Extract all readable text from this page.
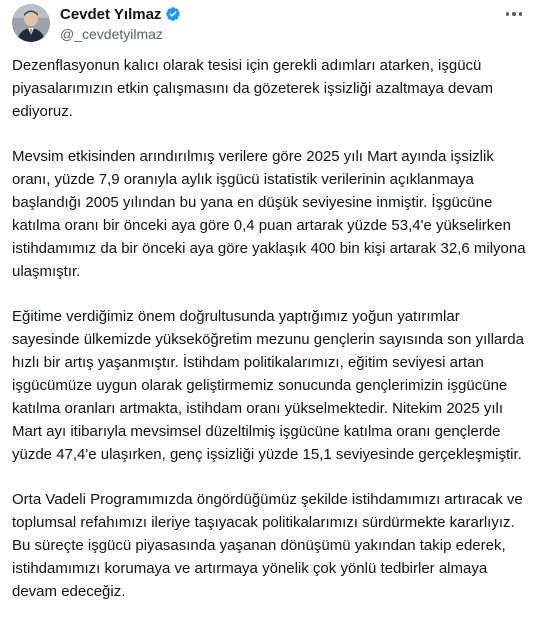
Cevdet Yılmaz
@_cevdetyilmaz

Dezenflasyonun kalıcı olarak tesisi için gerekli adımları atarken, işgücü piyasalarımızın etkin çalışmasını da gözeterek işsizliği azaltmaya devam ediyoruz.

Mevsim etkisinden arındırılmış verilere göre 2025 yılı Mart ayında işsizlik oranı, yüzde 7,9 oranıyla aylık işgücü istatistik verilerinin açıklanmaya başlandığı 2005 yılından bu yana en düşük seviyesine inmiştir. İşgücüne katılma oranı bir önceki aya göre 0,4 puan artarak yüzde 53,4'e yükselirken istihdamımız da bir önceki aya göre yaklaşık 400 bin kişi artarak 32,6 milyona ulaşmıştır.

Eğitime verdiğimiz önem doğrultusunda yaptığımız yoğun yatırımlar sayesinde ülkemizde yükseköğretim mezunu gençlerin sayısında son yıllarda hızlı bir artış yaşanmıştır. İstihdam politikalarımızı, eğitim seviyesi artan işgücümüze uygun olarak geliştirmemiz sonucunda gençlerimizin işgücüne katılma oranları artmakta, istihdam oranı yükselmektedir. Nitekim 2025 yılı Mart ayı itibarıyla mevsimsel düzeltilmiş işgücüne katılma oranı gençlerde yüzde 47,4'e ulaşırken, genç işsizliği yüzde 15,1 seviyesinde gerçekleşmiştir.

Orta Vadeli Programımızda öngördüğümüz şekilde istihdamımızı artıracak ve toplumsal refahımızı ileriye taşıyacak politikalarımızı sürdürmekte kararlıyız. Bu süreçte işgücü piyasasında yaşanan dönüşümü yakından takip ederek, istihdamımızı korumaya ve artırmaya yönelik çok yönlü tedbirler almaya devam edeceğiz.
